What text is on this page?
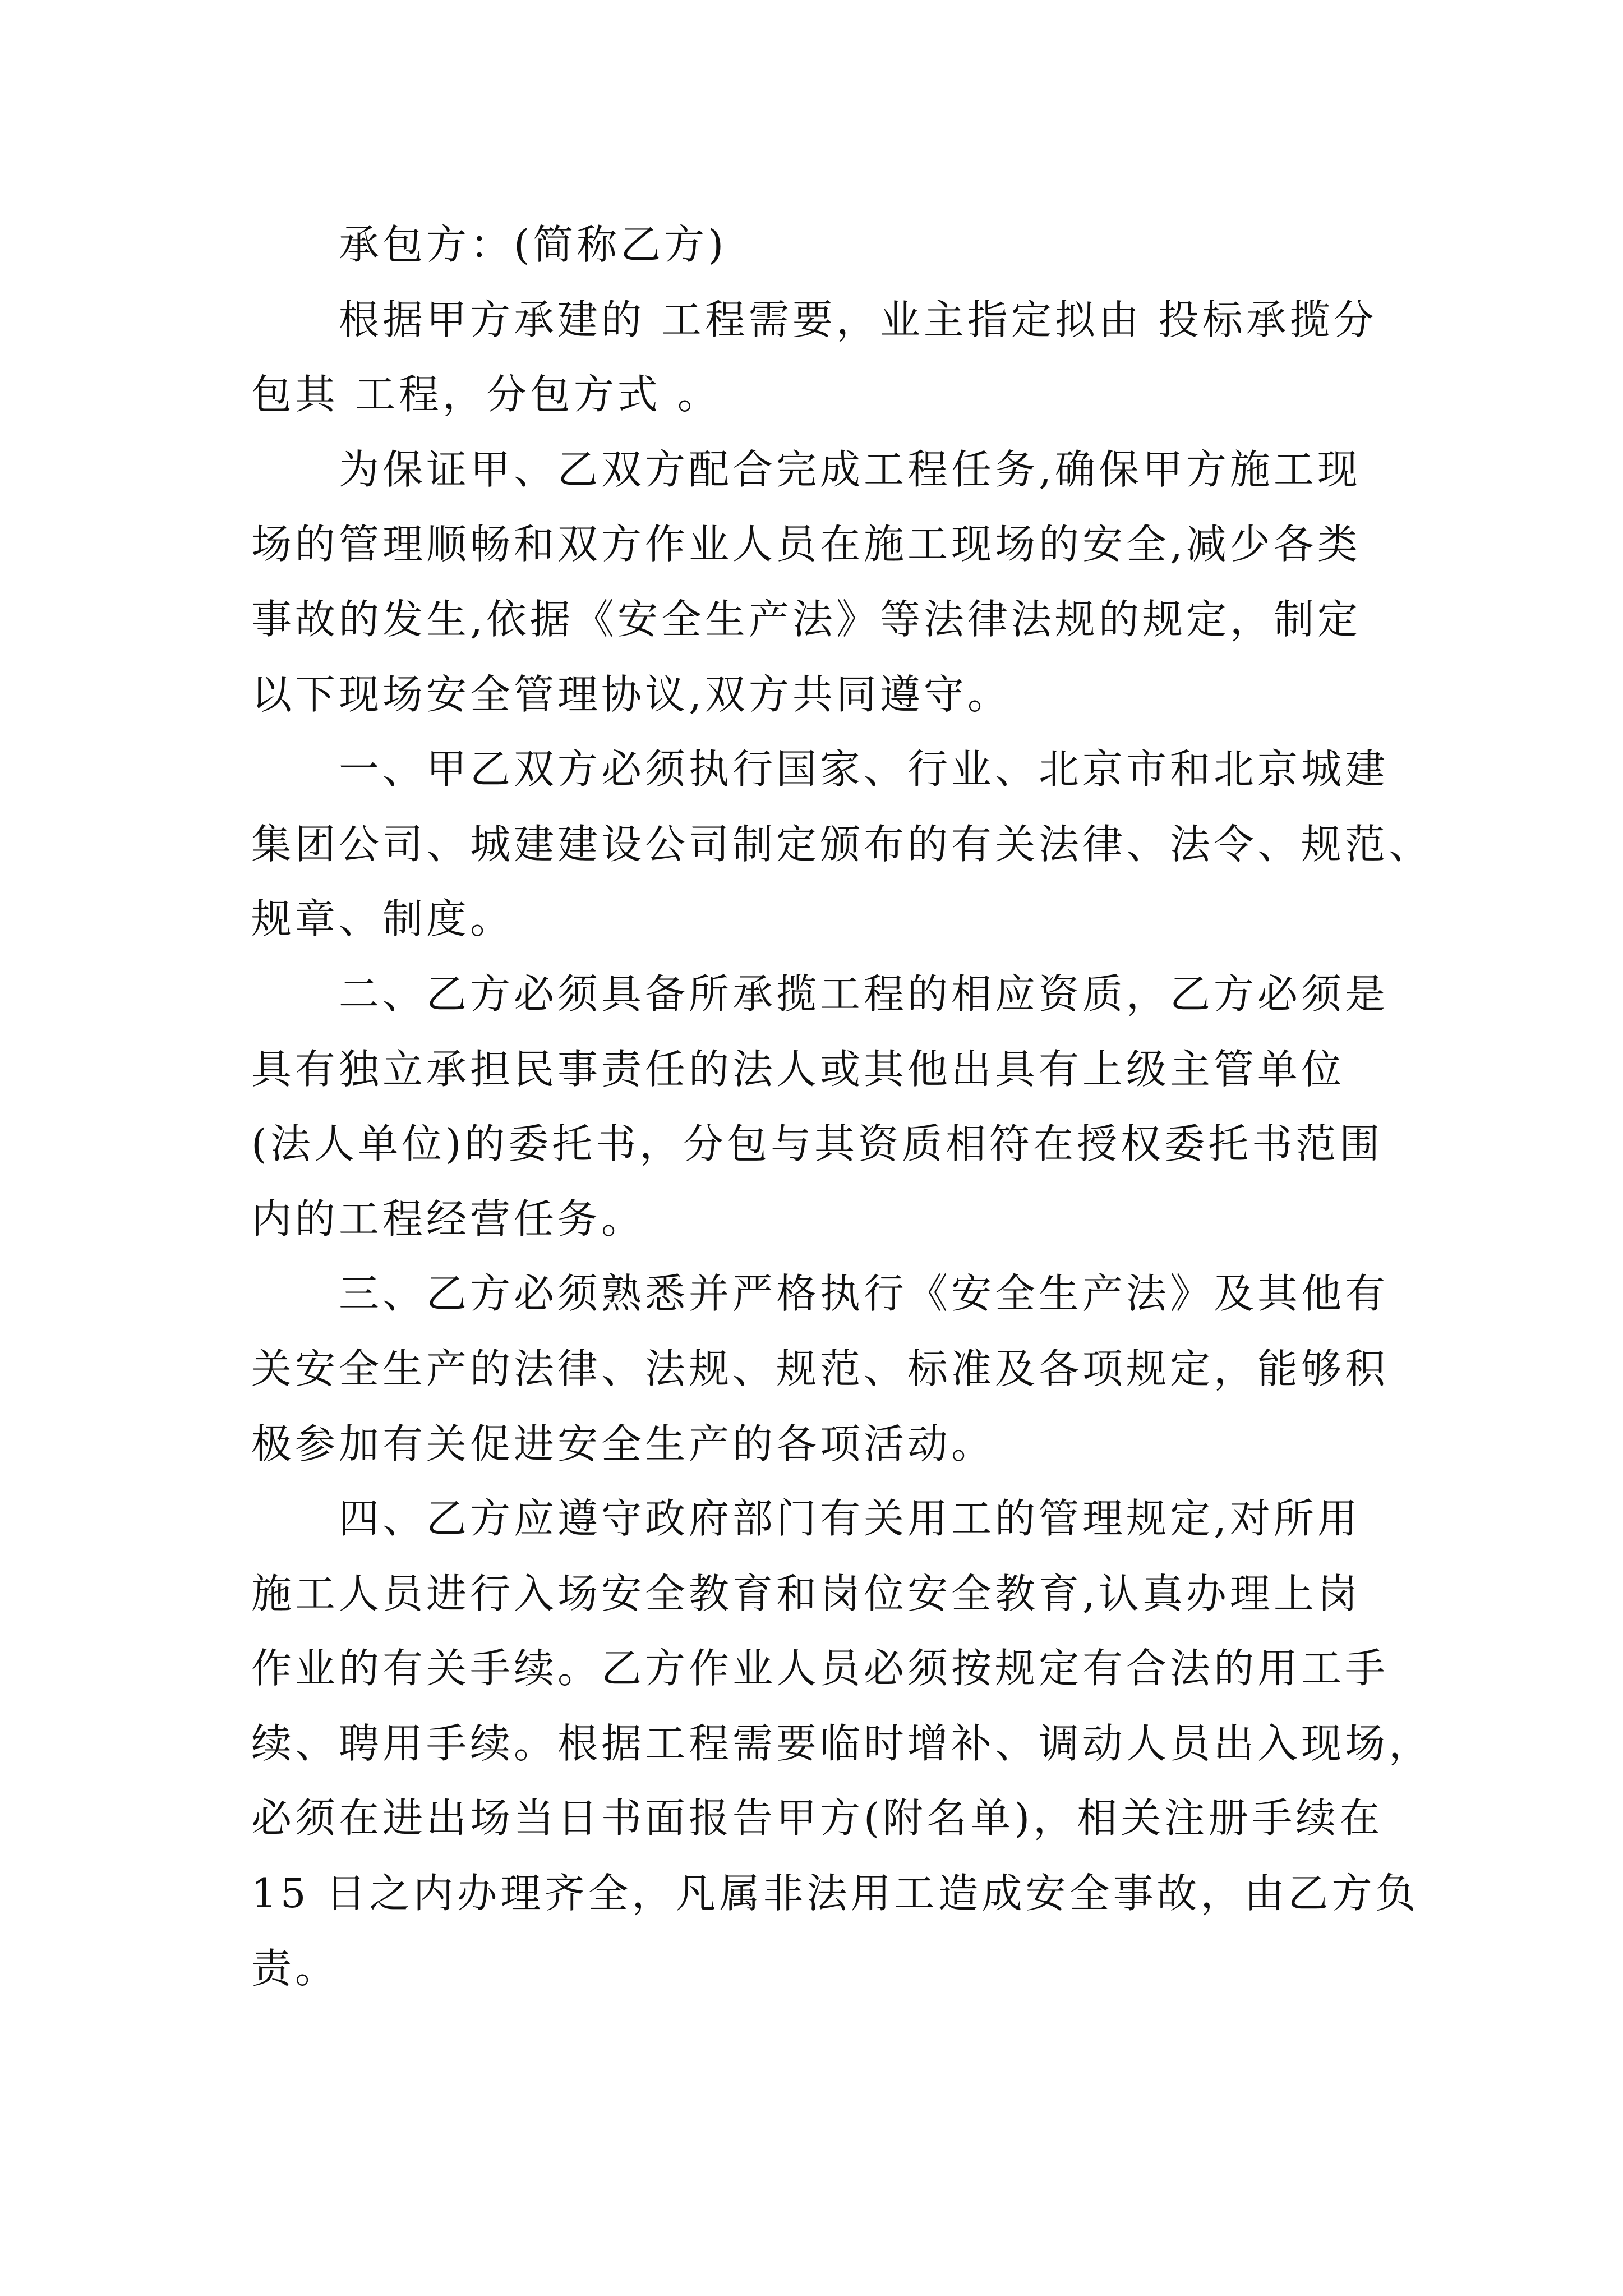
承包方：(简称乙方)
根据甲方承建的 工程需要，业主指定拟由 投标承揽分
包其 工程，分包方式 。
为保证甲、乙双方配合完成工程任务,确保甲方施工现
场的管理顺畅和双方作业人员在施工现场的安全,减少各类
事故的发生,依据《安全生产法》等法律法规的规定，制定
以下现场安全管理协议,双方共同遵守。
一、甲乙双方必须执行国家、行业、北京市和北京城建
集团公司、城建建设公司制定颁布的有关法律、法令、规范、
规章、制度。
二、乙方必须具备所承揽工程的相应资质，乙方必须是
具有独立承担民事责任的法人或其他出具有上级主管单位
(法人单位)的委托书，分包与其资质相符在授权委托书范围
内的工程经营任务。
三、乙方必须熟悉并严格执行《安全生产法》及其他有
关安全生产的法律、法规、规范、标准及各项规定，能够积
极参加有关促进安全生产的各项活动。
四、乙方应遵守政府部门有关用工的管理规定,对所用
施工人员进行入场安全教育和岗位安全教育,认真办理上岗
作业的有关手续。乙方作业人员必须按规定有合法的用工手
续、聘用手续。根据工程需要临时增补、调动人员出入现场，
必须在进出场当日书面报告甲方(附名单)，相关注册手续在
15 日之内办理齐全，凡属非法用工造成安全事故，由乙方负
责。
